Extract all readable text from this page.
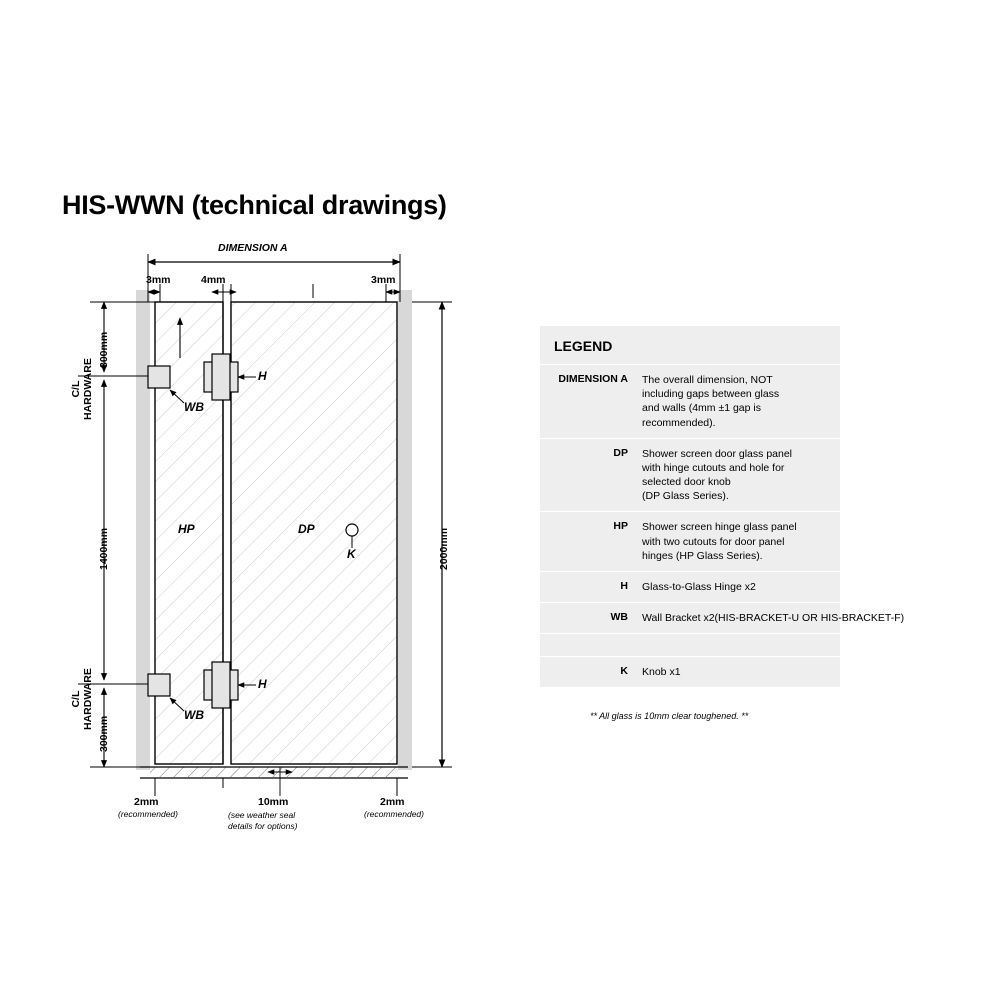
HIS-WWN (technical drawings)
DIMENSION A
3mm	4mm	3mm
2000mm
C/L
HARDWARE
C/L
HARDWARE
300mm
1400mm
300mm
HP	DP
K
H
H
WB
WB
2mm
(recommended)
10mm
(see weather seal
details for options)
2mm
(recommended)
LEGEND
DIMENSION A	The overall dimension, NOT
including gaps between glass
and walls (4mm ±1 gap is
recommended).
DP	Shower screen door glass panel
with hinge cutouts and hole for
selected door knob
(DP Glass Series).
HP	Shower screen hinge glass panel
with two cutouts for door panel
hinges (HP Glass Series).
H	Glass-to-Glass Hinge x2
WB	Wall Bracket x2(HIS-BRACKET-U OR HIS-BRACKET-F)
K	Knob x1
** All glass is 10mm clear toughened. **
